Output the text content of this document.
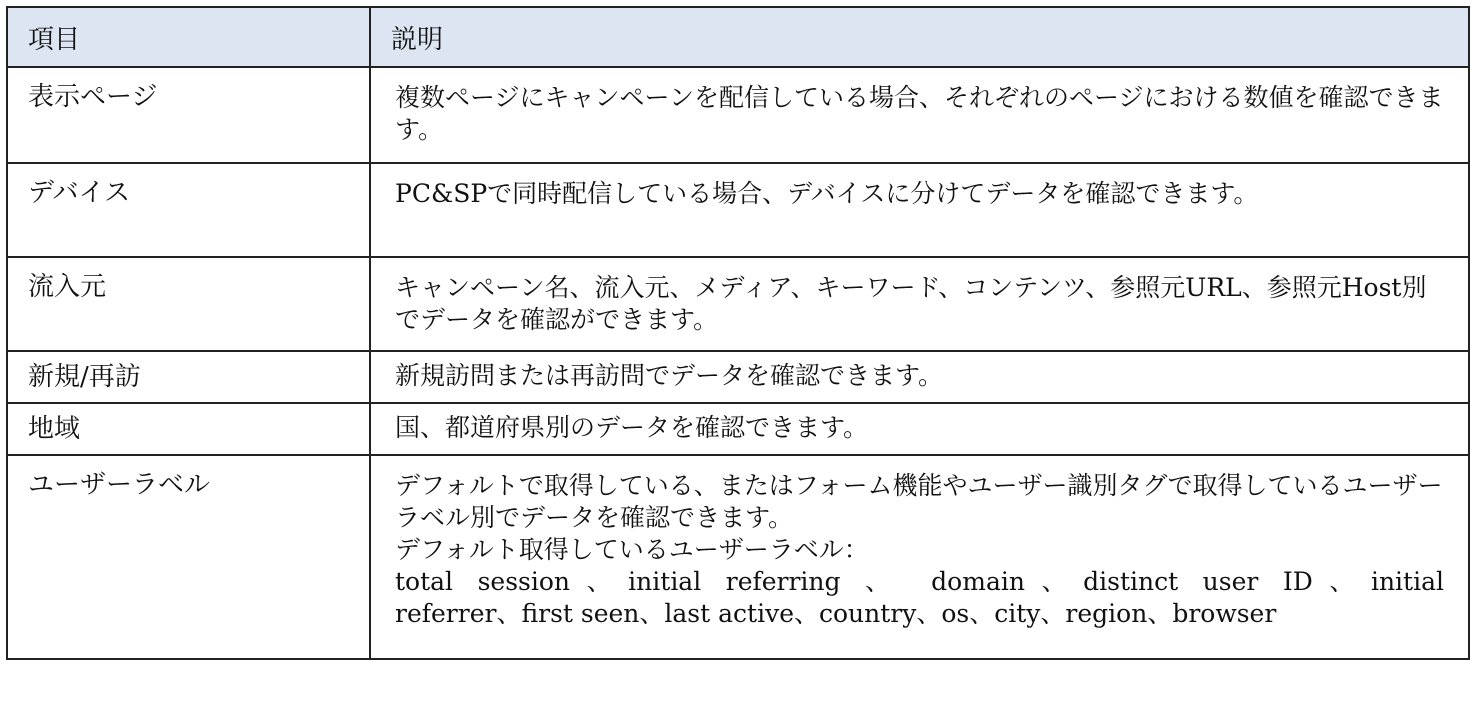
項目	説明
表示ページ	複数ページにキャンペーンを配信している場合、それぞれのページにおける数値を確認できます。

デバイス	PC&SPで同時配信している場合、デバイスに分けてデータを確認できます。

流入元	キャンペーン名、流入元、メディア、キーワード、コンテンツ、参照元URL、参照元Host別でデータを確認ができます。

新規/再訪	新規訪問または再訪問でデータを確認できます。

地域	国、都道府県別のデータを確認できます。

ユーザーラベル	デフォルトで取得している、またはフォーム機能やユーザー識別タグで取得しているユーザーラベル別でデータを確認できます。

デフォルト取得しているユーザーラベル：

total session、initial referring 、 domain、distinct user ID、initial

referrer、first seen、last active、country、os、city、region、browser
